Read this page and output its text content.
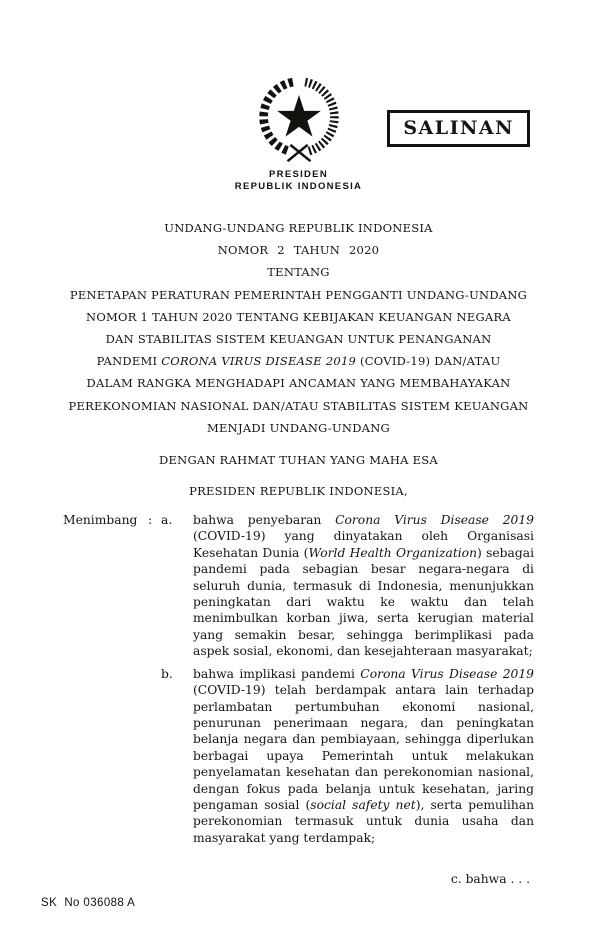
SALINAN
PRESIDEN
REPUBLIK INDONESIA
UNDANG-UNDANG REPUBLIK INDONESIA
NOMOR 2 TAHUN 2020
TENTANG
PENETAPAN PERATURAN PEMERINTAH PENGGANTI UNDANG-UNDANG
NOMOR 1 TAHUN 2020 TENTANG KEBIJAKAN KEUANGAN NEGARA
DAN STABILITAS SISTEM KEUANGAN UNTUK PENANGANAN
PANDEMI CORONA VIRUS DISEASE 2019 (COVID-19) DAN/ATAU
DALAM RANGKA MENGHADAPI ANCAMAN YANG MEMBAHAYAKAN
PEREKONOMIAN NASIONAL DAN/ATAU STABILITAS SISTEM KEUANGAN
MENJADI UNDANG-UNDANG
DENGAN RAHMAT TUHAN YANG MAHA ESA
PRESIDEN REPUBLIK INDONESIA,
Menimbang : a.	bahwa penyebaran Corona Virus Disease 2019 (COVID-19) yang dinyatakan oleh Organisasi Kesehatan Dunia (World Health Organization) sebagai pandemi pada sebagian besar negara-negara di seluruh dunia, termasuk di Indonesia, menunjukkan peningkatan dari waktu ke waktu dan telah menimbulkan korban jiwa, serta kerugian material yang semakin besar, sehingga berimplikasi pada aspek sosial, ekonomi, dan kesejahteraan masyarakat;
b.	bahwa implikasi pandemi Corona Virus Disease 2019 (COVID-19) telah berdampak antara lain terhadap perlambatan pertumbuhan ekonomi nasional, penurunan penerimaan negara, dan peningkatan belanja negara dan pembiayaan, sehingga diperlukan berbagai upaya Pemerintah untuk melakukan penyelamatan kesehatan dan perekonomian nasional, dengan fokus pada belanja untuk kesehatan, jaring pengaman sosial (social safety net), serta pemulihan perekonomian termasuk untuk dunia usaha dan masyarakat yang terdampak;
c. bahwa . . .
SK  No 036088 A
